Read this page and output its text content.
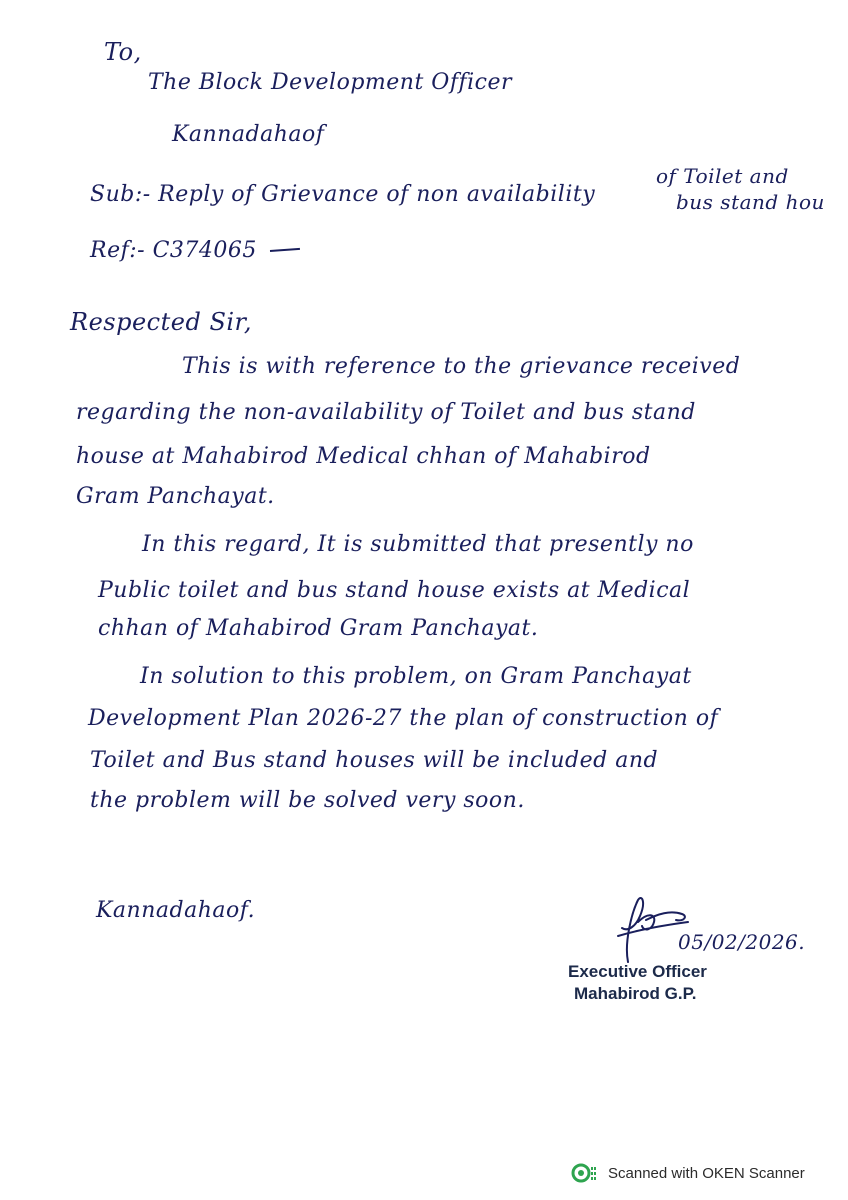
To,
The Block Development Officer
Kannadahaof
Sub:- Reply of Grievance of non availability
of Toilet and
bus stand hou
Ref:- C374065
Respected Sir,
This is with reference to the grievance received
regarding the non-availability of Toilet and bus stand
house at Mahabirod Medical chhan of Mahabirod
Gram Panchayat.
In this regard, It is submitted that presently no
Public toilet and bus stand house exists at Medical
chhan of Mahabirod Gram Panchayat.
In solution to this problem, on Gram Panchayat
Development Plan 2026-27 the plan of construction of
Toilet and Bus stand houses will be included and
the problem will be solved very soon.
Kannadahaof.
05/02/2026.
Executive Officer
Mahabirod G.P.
Scanned with OKEN Scanner
